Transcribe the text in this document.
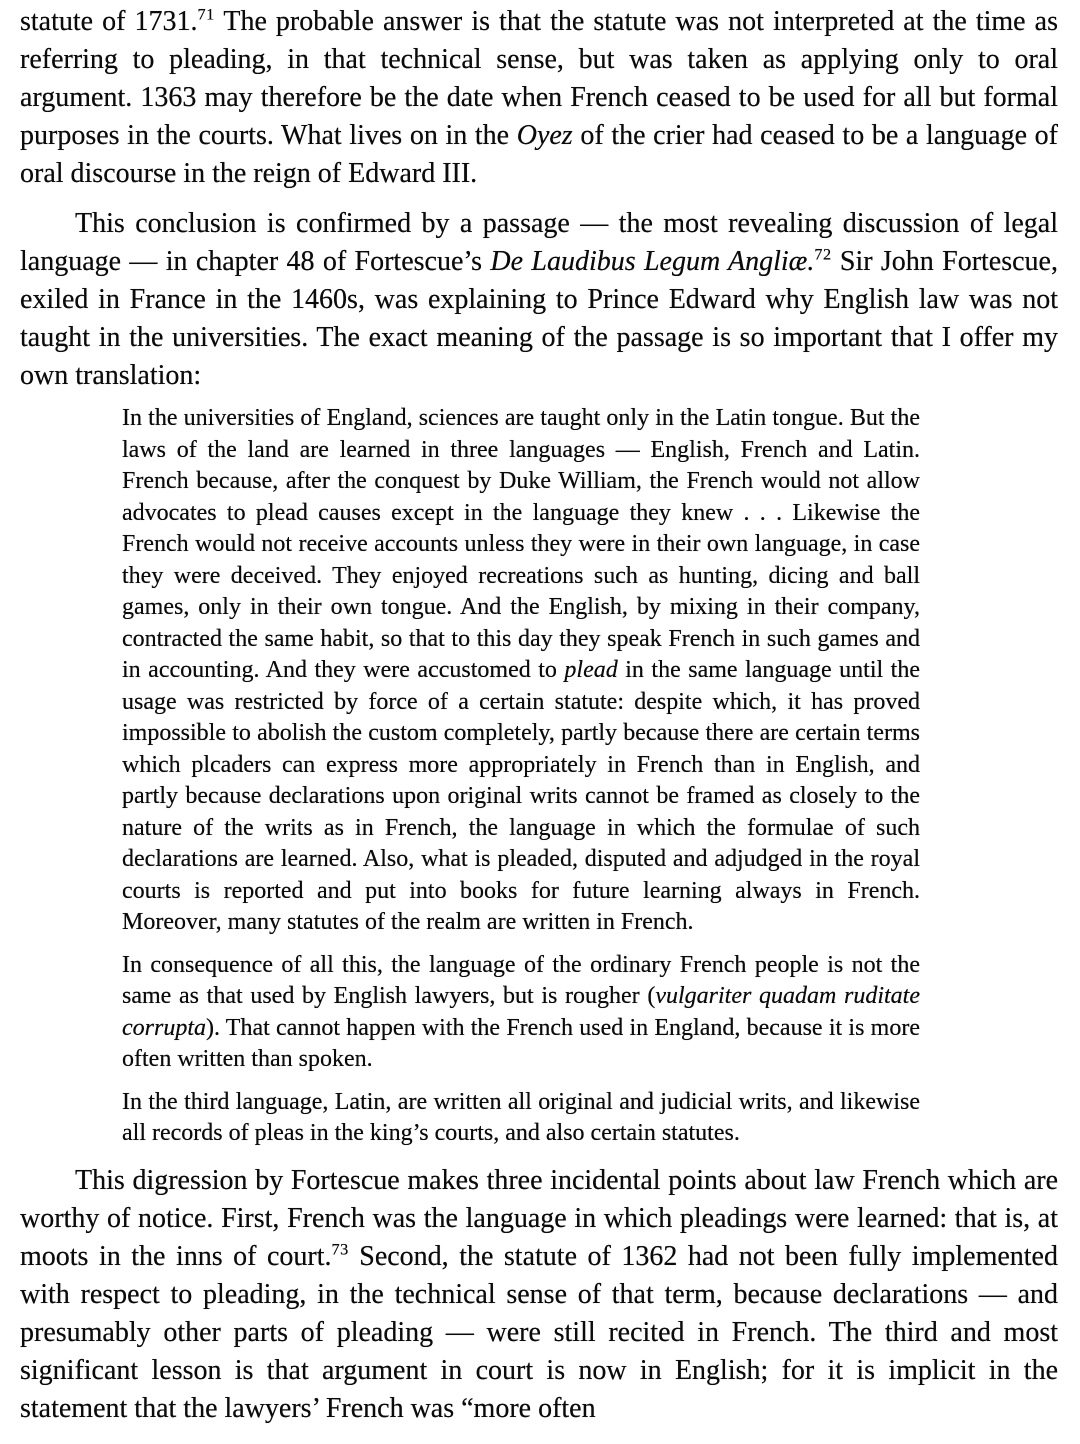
statute of 1731.71 The probable answer is that the statute was not interpreted at the time as referring to pleading, in that technical sense, but was taken as applying only to oral argument. 1363 may therefore be the date when French ceased to be used for all but formal purposes in the courts. What lives on in the Oyez of the crier had ceased to be a language of oral discourse in the reign of Edward III.

This conclusion is confirmed by a passage — the most revealing discussion of legal language — in chapter 48 of Fortescue’s De Laudibus Legum Angliæ.$^{72}$ Sir John Fortescue, exiled in France in the 1460s, was explaining to Prince Edward why English law was not taught in the universities. The exact meaning of the passage is so important that I offer my own translation:

In the universities of England, sciences are taught only in the Latin tongue. But the laws of the land are learned in three languages — English, French and Latin. French because, after the conquest by Duke William, the French would not allow advocates to plead causes except in the language they knew . . . Likewise the French would not receive accounts unless they were in their own language, in case they were deceived. They enjoyed recreations such as hunting, dicing and ball games, only in their own tongue. And the English, by mixing in their company, contracted the same habit, so that to this day they speak French in such games and in accounting. And they were accustomed to plead in the same language until the usage was restricted by force of a certain statute: despite which, it has proved impossible to abolish the custom completely, partly because there are certain terms which plcaders can express more appropriately in French than in English, and partly because declarations upon original writs cannot be framed as closely to the nature of the writs as in French, the language in which the formulae of such declarations are learned. Also, what is pleaded, disputed and adjudged in the royal courts is reported and put into books for future learning always in French. Moreover, many statutes of the realm are written in French.

In consequence of all this, the language of the ordinary French people is not the same as that used by English lawyers, but is rougher (vulgariter quadam ruditate corrupta). That cannot happen with the French used in England, because it is more often written than spoken.

In the third language, Latin, are written all original and judicial writs, and likewise all records of pleas in the king’s courts, and also certain statutes.

This digression by Fortescue makes three incidental points about law French which are worthy of notice. First, French was the language in which pleadings were learned: that is, at moots in the inns of court.$^{73}$ Second, the statute of 1362 had not been fully implemented with respect to pleading, in the technical sense of that term, because declarations — and presumably other parts of pleading — were still recited in French. The third and most significant lesson is that argument in court is now in English; for it is implicit in the statement that the lawyers’ French was “more often
